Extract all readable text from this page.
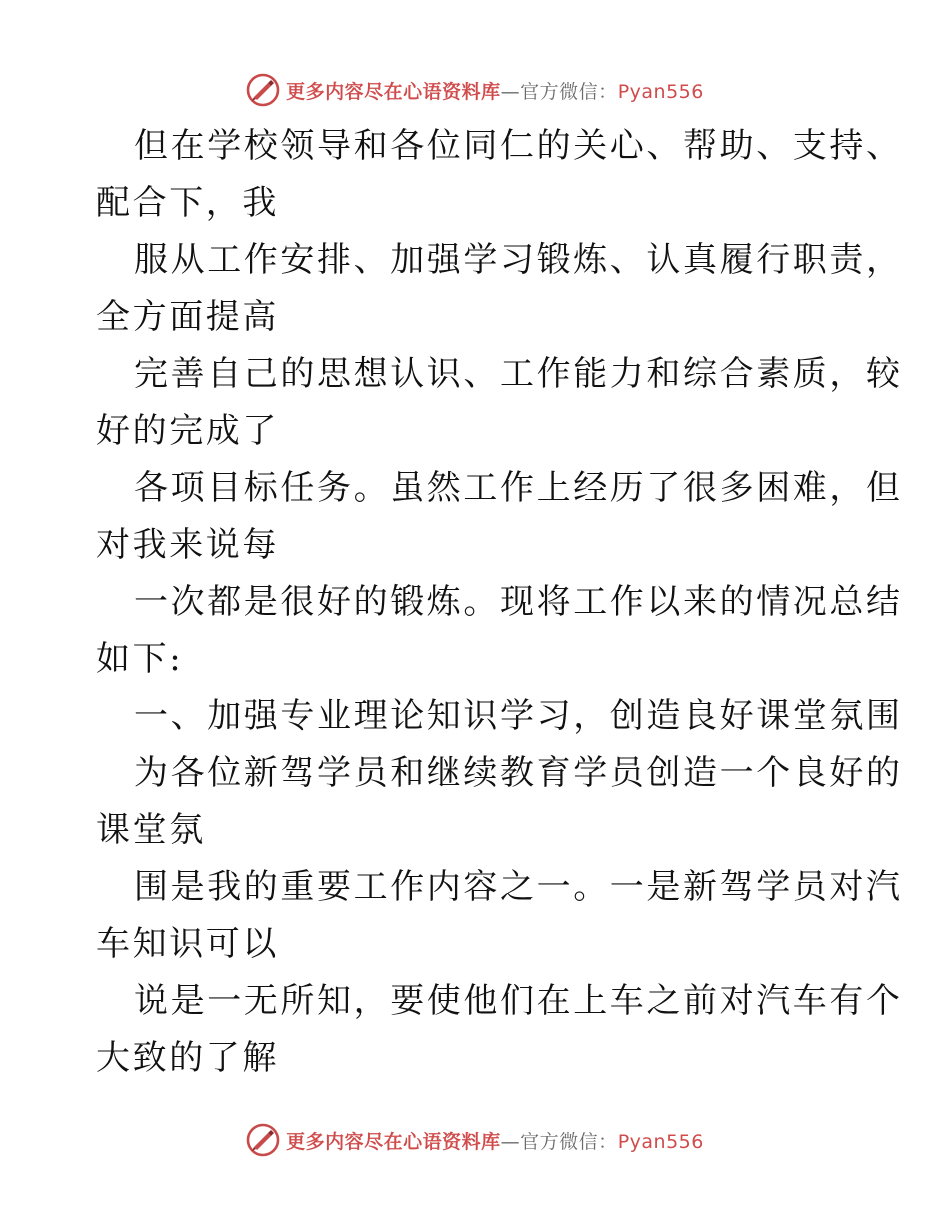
更多内容尽在心语资料库—官方微信：Pyan556
但在学校领导和各位同仁的关心、帮助、支持、
配合下，我
服从工作安排、加强学习锻炼、认真履行职责，
全方面提高
完善自己的思想认识、工作能力和综合素质，较
好的完成了
各项目标任务。虽然工作上经历了很多困难，但
对我来说每
一次都是很好的锻炼。现将工作以来的情况总结
如下:
一、加强专业理论知识学习，创造良好课堂氛围
为各位新驾学员和继续教育学员创造一个良好的
课堂氛
围是我的重要工作内容之一。一是新驾学员对汽
车知识可以
说是一无所知，要使他们在上车之前对汽车有个
大致的了解
更多内容尽在心语资料库—官方微信：Pyan556
